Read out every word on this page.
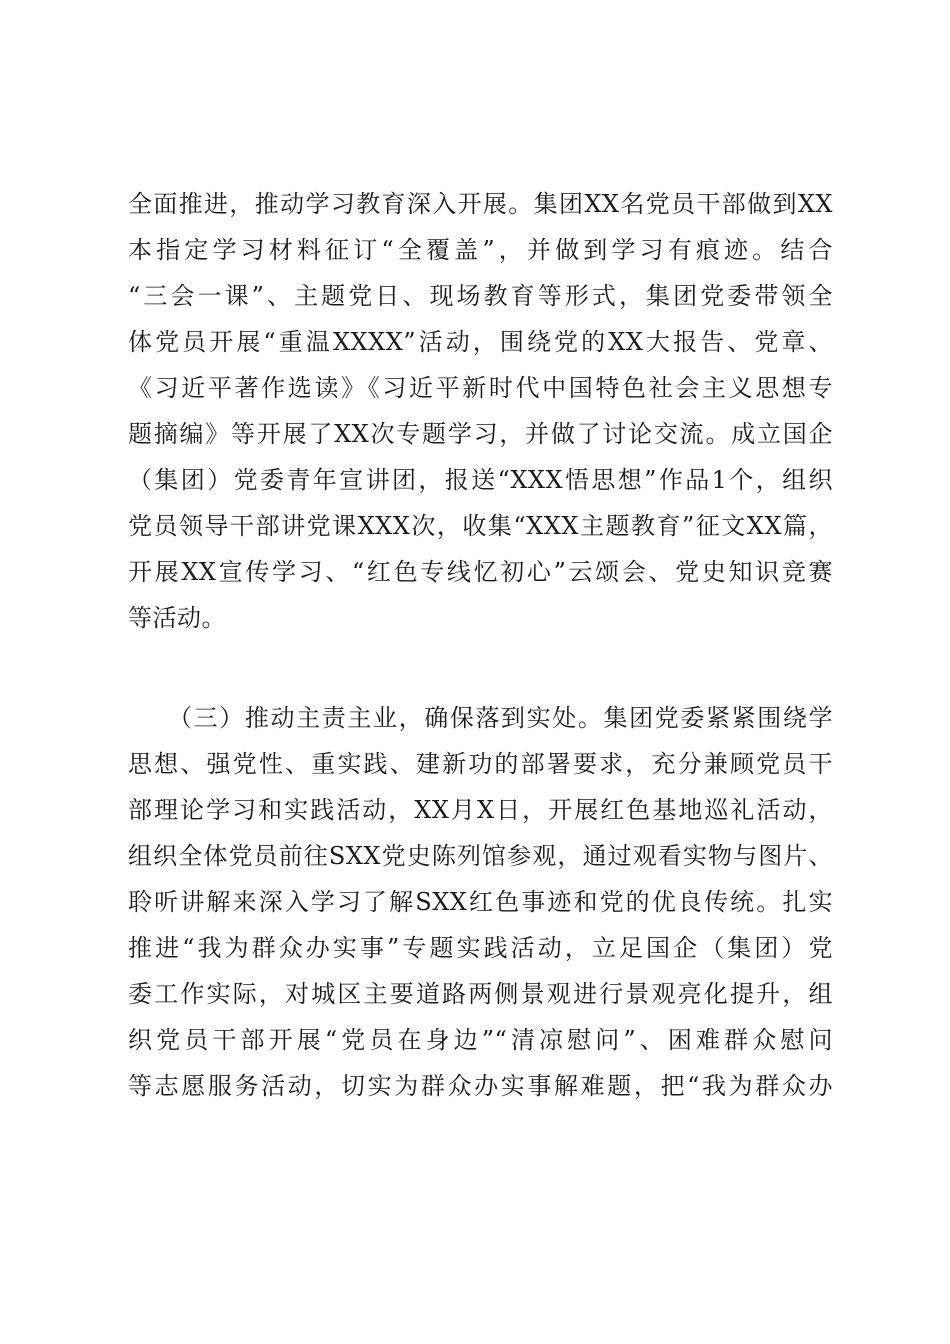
全面推进，推动学习教育深入开展。集团XX名党员干部做到XX
本指定学习材料征订“全覆盖”，并做到学习有痕迹。结合
“三会一课”、主题党日、现场教育等形式，集团党委带领全
体党员开展“重温XXXX”活动，围绕党的XX大报告、党章、
《习近平著作选读》《习近平新时代中国特色社会主义思想专
题摘编》等开展了XX次专题学习，并做了讨论交流。成立国企
（集团）党委青年宣讲团，报送“XXX悟思想”作品1个，组织
党员领导干部讲党课XXX次，收集“XXX主题教育”征文XX篇，
开展XX宣传学习、“红色专线忆初心”云颂会、党史知识竞赛
等活动。
（三）推动主责主业，确保落到实处。集团党委紧紧围绕学
思想、强党性、重实践、建新功的部署要求，充分兼顾党员干
部理论学习和实践活动，XX月X日，开展红色基地巡礼活动，
组织全体党员前往SXX党史陈列馆参观，通过观看实物与图片、
聆听讲解来深入学习了解SXX红色事迹和党的优良传统。扎实
推进“我为群众办实事”专题实践活动，立足国企（集团）党
委工作实际，对城区主要道路两侧景观进行景观亮化提升，组
织党员干部开展“党员在身边”“清凉慰问”、困难群众慰问
等志愿服务活动，切实为群众办实事解难题，把“我为群众办
